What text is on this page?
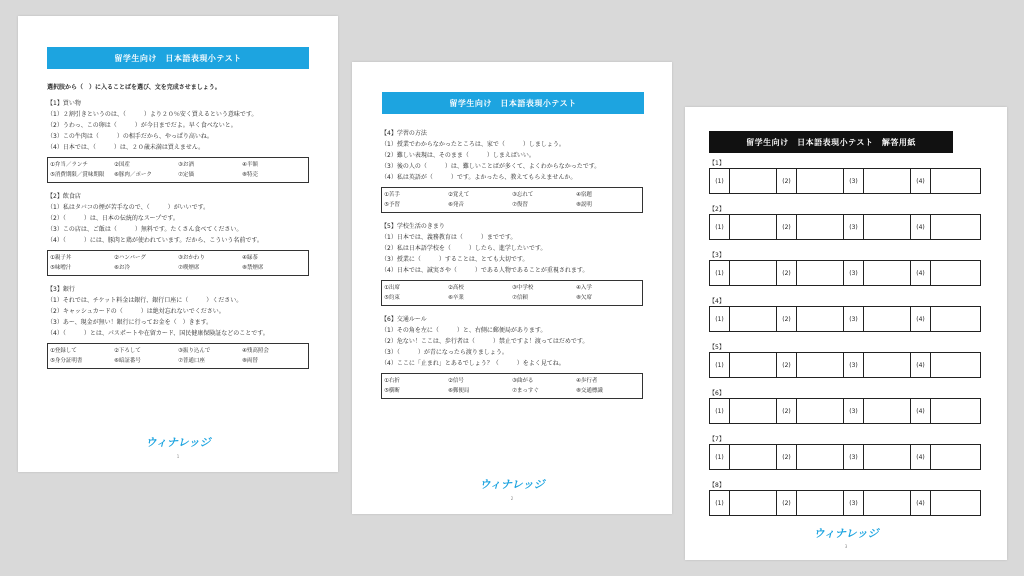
留学生向け　日本語表現小テスト
選択肢から（　）に入ることばを選び、文を完成させましょう。
【1】買い物
（1）２割引きというのは、（　　　）より２０％安く買えるという意味です。
（2）うわっ、この卵は（　　　）が今日までだよ。早く食べないと。
（3）この牛肉は（　　　）の相手だから、やっぱり高いね。
（4）日本では、（　　　）は、２０歳未満は買えません。
①弁当／ランチ	②国産	③お酒	④半額
⑤消費期限／賞味期限	⑥豚肉／ポーク	⑦定価	⑧特売
【2】飲食店
（1）私はタバコの煙が苦手なので、（　　　）がいいです。
（2）（　　　）は、日本の伝統的なスープです。
（3）この店は、ご飯は（　　　）無料です。たくさん食べてください。
（4）（　　　）には、豚肉と鶏が使われています。だから、こういう名前です。
①親子丼	②ハンバーグ	③おかわり	④緑茶
⑤味噌汁	⑥お冷	⑦喫煙席	⑧禁煙席
【3】銀行
（1）それでは、チケット料金は銀行、銀行口座に（　　　）ください。
（2）キャッシュカードの（　　　）は絶対忘れないでください。
（3）あー、現金が無い！銀行に行ってお金を（　）きます。
（4）（　　　）とは、パスポートや在留カード、国民健康保険証などのことです。
①登録して	②下ろして	③振り込んで	④残高照会
⑤身分証明書	⑥暗証番号	⑦普通口座	⑧両替
ウィナレッジ
1
留学生向け　日本語表現小テスト
【4】学習の方法
（1）授業でわからなかったところは、家で（　　　）しましょう。
（2）難しい表現は、そのまま（　　　）しまえばいい。
（3）後の人の（　　　）は、難しいことばが多くて、よくわからなかったです。
（4）私は英語が（　　　）です。よかったら、教えてもらえませんか。
①苦手	②覚えて	③忘れて	④宿題
⑤予習	⑥発音	⑦復習	⑧説明
【5】学校生活のきまり
（1）日本では、義務教育は（　　　）までです。
（2）私は日本語学校を（　　　）したら、進学したいです。
（3）授業に（　　　）することは、とても大切です。
（4）日本では、誠実さや（　　　）である人物であることが重視されます。
①出席	②高校	③中学校	④入学
⑤約束	⑥卒業	⑦信頼	⑧欠席
【6】交通ルール
（1）その角を左に（　　　）と、右側に郵便局があります。
（2）危ない！ここは、歩行者は（　　　）禁止ですよ！渡ってはだめです。
（3）（　　　）が青になったら渡りましょう。
（4）ここに「止まれ」とあるでしょう？（　　　）をよく見てね。
①右折	②信号	③曲がる	④歩行者
⑤横断	⑥郵便局	⑦まっすぐ	⑧交通標識
ウィナレッジ
2
留学生向け　日本語表現小テスト　解答用紙
【1】
(1)	(2)	(3)	(4)
【2】
(1)	(2)	(3)	(4)
【3】
(1)	(2)	(3)	(4)
【4】
(1)	(2)	(3)	(4)
【5】
(1)	(2)	(3)	(4)
【6】
(1)	(2)	(3)	(4)
【7】
(1)	(2)	(3)	(4)
【8】
(1)	(2)	(3)	(4)
ウィナレッジ
3
